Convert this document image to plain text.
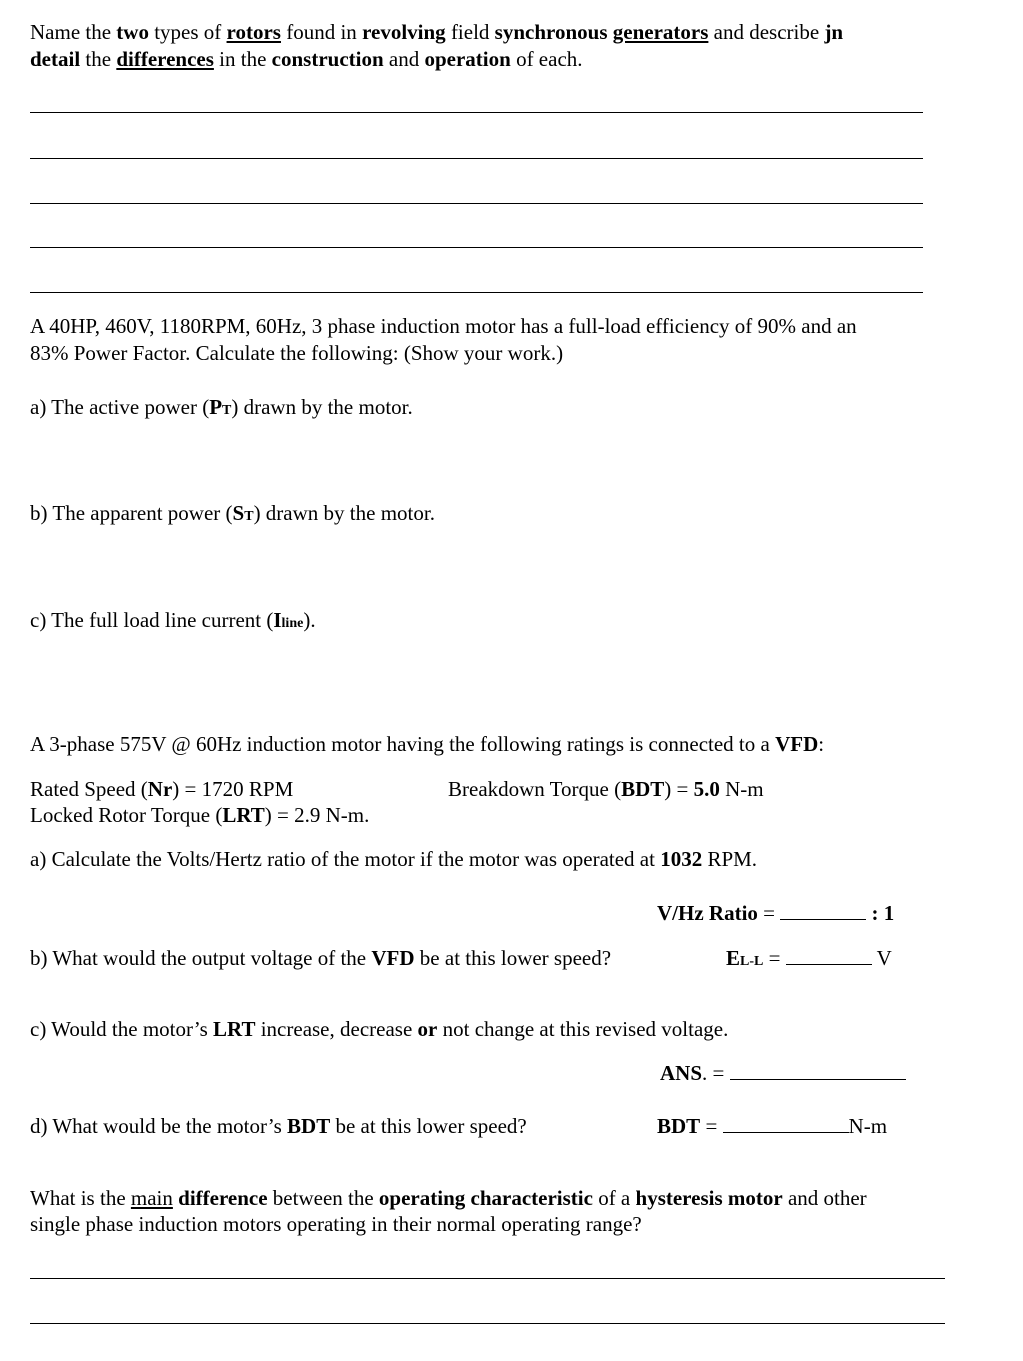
Name the two types of rotors found in revolving field synchronous generators and describe jn
detail the differences in the construction and operation of each.
A 40HP, 460V, 1180RPM, 60Hz, 3 phase induction motor has a full-load efficiency of 90% and an
83% Power Factor. Calculate the following: (Show your work.)
a) The active power (PT) drawn by the motor.
b) The apparent power (ST) drawn by the motor.
c) The full load line current (Iline).
A 3-phase 575V @ 60Hz induction motor having the following ratings is connected to a VFD:
Rated Speed (Nr) = 1720 RPM	Breakdown Torque (BDT) = 5.0 N-m
Locked Rotor Torque (LRT) = 2.9 N-m.
a) Calculate the Volts/Hertz ratio of the motor if the motor was operated at 1032 RPM.
V/Hz Ratio =	: 1
b) What would the output voltage of the VFD be at this lower speed?	EL-L =	V
c) Would the motor’s LRT increase, decrease or not change at this revised voltage.
ANS. =
d) What would be the motor’s BDT be at this lower speed?	BDT =	N-m
What is the main difference between the operating characteristic of a hysteresis motor and other
single phase induction motors operating in their normal operating range?
